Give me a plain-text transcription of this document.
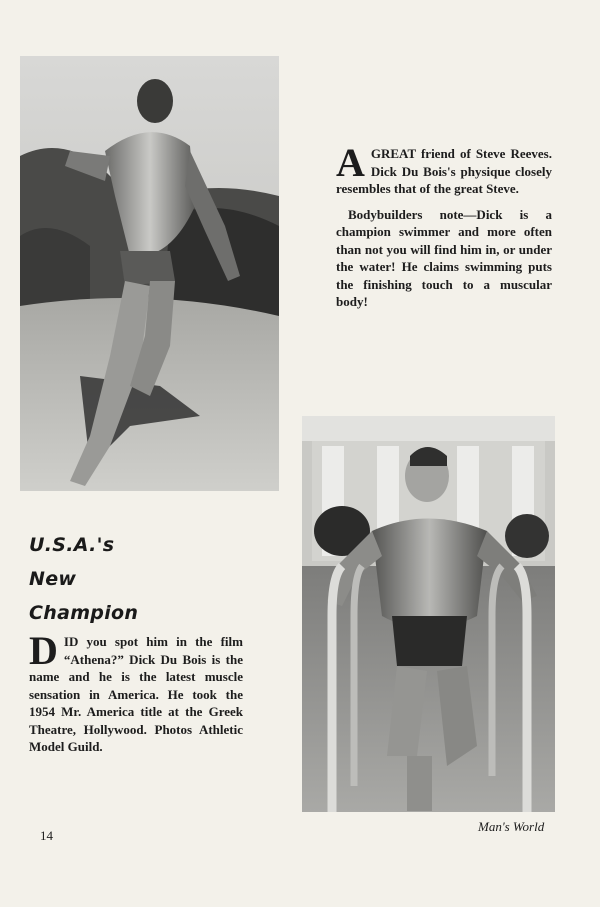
AGREAT friend of Steve Reeves. Dick Du Bois's physique closely resembles that of the great Steve.

Bodybuilders note—Dick is a champion swimmer and more often than not you will find him in, or under the water! He claims swimming puts the finishing touch to a muscular body!

U.S.A.'s
New
Champion

DID you spot him in the film “Athena?” Dick Du Bois is the name and he is the latest muscle sensation in America. He took the 1954 Mr. America title at the Greek Theatre, Hollywood. Photos Athletic Model Guild.

14
Man's World
